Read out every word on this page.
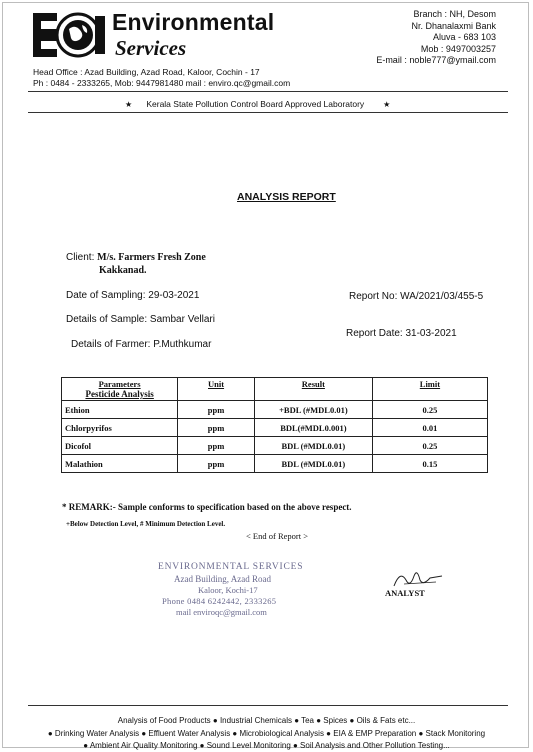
Environmental
Services
Branch : NH, Desom
Nr. Dhanalaxmi Bank
Aluva - 683 103
Mob : 9497003257
E-mail : noble777@ymail.com
Head Office : Azad Building, Azad Road, Kaloor, Cochin - 17
Ph : 0484 - 2333265, Mob: 9447981480 mail : enviro.qc@gmail.com
★ Kerala State Pollution Control Board Approved Laboratory ★
ANALYSIS REPORT
Client: M/s. Farmers Fresh Zone
Kakkanad.
Date of Sampling: 29-03-2021	Report No: WA/2021/03/455-5
Details of Sample: Sambar Vellari
Report Date: 31-03-2021
Details of Farmer: P.Muthkumar
Parameters
Pesticide Analysis	Unit	Result	Limit
Ethion	ppm	+BDL (#MDL0.01)	0.25
Chlorpyrifos	ppm	BDL(#MDL0.001)	0.01
Dicofol	ppm	BDL (#MDL0.01)	0.25
Malathion	ppm	BDL (#MDL0.01)	0.15
* REMARK:- Sample conforms to specification based on the above respect.
+Below Detection Level, # Minimum Detection Level.
< End of Report >
ENVIRONMENTAL SERVICES
Azad Building, Azad Road
Kaloor, Kochi-17
Phone 0484 6242442, 2333265
mail enviroqc@gmail.com
ANALYST
Analysis of Food Products ● Industrial Chemicals ● Tea ● Spices ● Oils & Fats etc...
● Drinking Water Analysis ● Effluent Water Analysis ● Microbiological Analysis ● EIA & EMP Preparation ● Stack Monitoring
● Ambient Air Quality Monitoring ● Sound Level Monitoring ● Soil Analysis and Other Pollution Testing...
